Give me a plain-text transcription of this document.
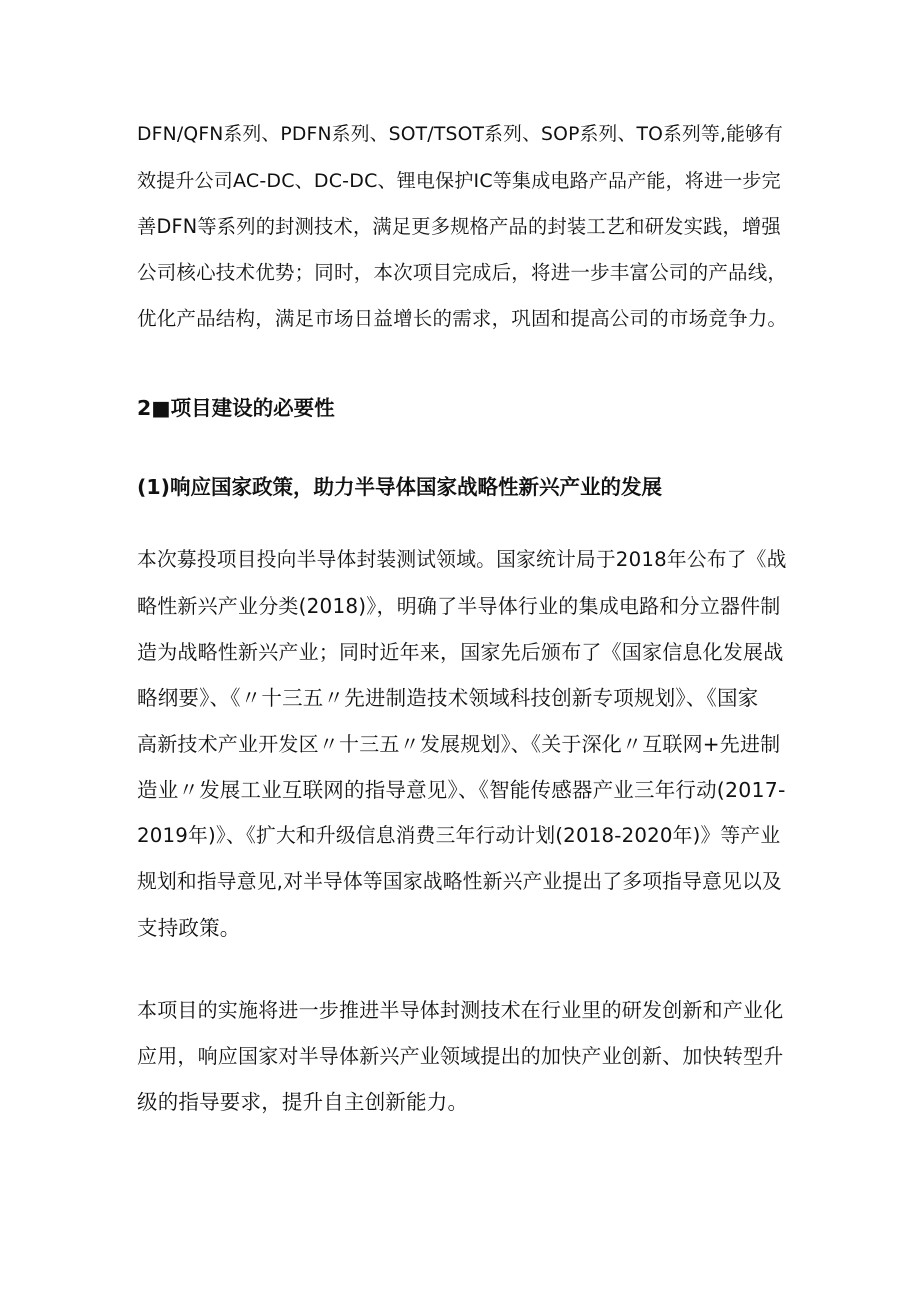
DFN/QFN系列、PDFN系列、SOT/TSOT系列、SOP系列、TO系列等,能够有
效提升公司AC-DC、DC-DC、锂电保护IC等集成电路产品产能，将进一步完
善DFN等系列的封测技术，满足更多规格产品的封装工艺和研发实践，增强
公司核心技术优势；同时，本次项目完成后，将进一步丰富公司的产品线，
优化产品结构，满足市场日益增长的需求，巩固和提高公司的市场竞争力。
2■项目建设的必要性
(1)响应国家政策，助力半导体国家战略性新兴产业的发展
本次募投项目投向半导体封装测试领域。国家统计局于2018年公布了《战
略性新兴产业分类(2018)》，明确了半导体行业的集成电路和分立器件制
造为战略性新兴产业；同时近年来，国家先后颁布了《国家信息化发展战
略纲要》、《〃十三五〃先进制造技术领域科技创新专项规划》、《国家
高新技术产业开发区〃十三五〃发展规划》、《关于深化〃互联网+先进制
造业〃发展工业互联网的指导意见》、《智能传感器产业三年行动(2017-
2019年)》、《扩大和升级信息消费三年行动计划(2018-2020年)》等产业
规划和指导意见,对半导体等国家战略性新兴产业提出了多项指导意见以及
支持政策。
本项目的实施将进一步推进半导体封测技术在行业里的研发创新和产业化
应用，响应国家对半导体新兴产业领域提出的加快产业创新、加快转型升
级的指导要求，提升自主创新能力。
